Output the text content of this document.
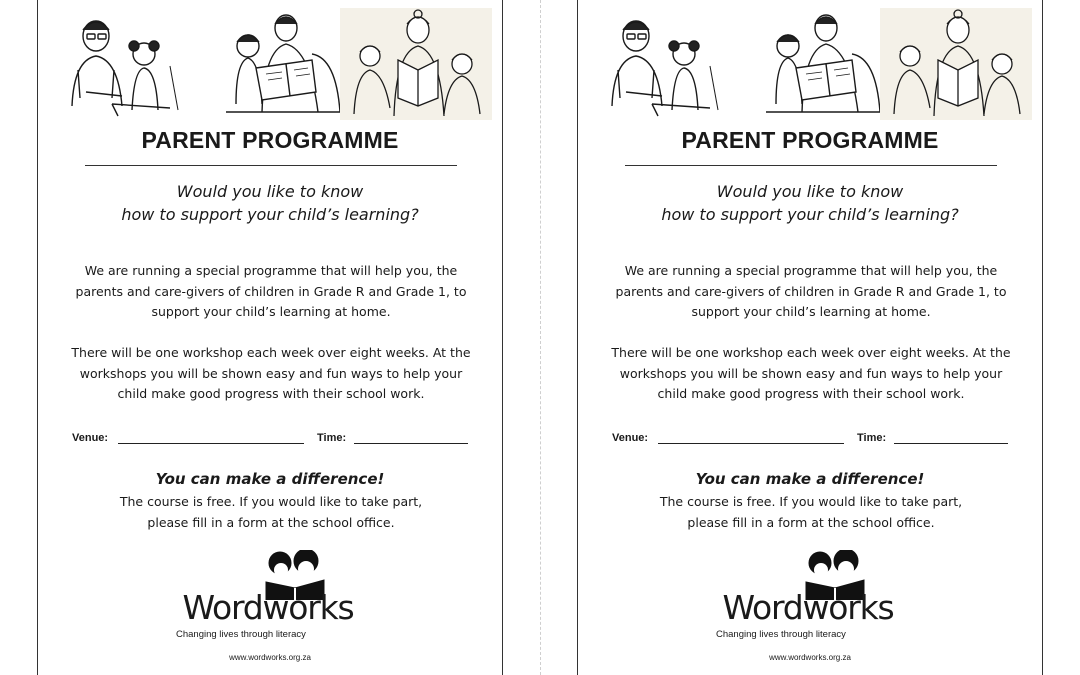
PARENT PROGRAMME
Would you like to know
how to support your child’s learning?
We are running a special programme that will help you, the
parents and care-givers of children in Grade R and Grade 1, to
support your child’s learning at home.
There will be one workshop each week over eight weeks. At the
workshops you will be shown easy and fun ways to help your
child make good progress with their school work.
Venue:	Time:
You can make a difference!
The course is free. If you would like to take part,
please fill in a form at the school office.
Wordworks
Changing lives through literacy
www.wordworks.org.za
PARENT PROGRAMME
Would you like to know
how to support your child’s learning?
We are running a special programme that will help you, the
parents and care-givers of children in Grade R and Grade 1, to
support your child’s learning at home.
There will be one workshop each week over eight weeks. At the
workshops you will be shown easy and fun ways to help your
child make good progress with their school work.
Venue:	Time:
You can make a difference!
The course is free. If you would like to take part,
please fill in a form at the school office.
Wordworks
Changing lives through literacy
www.wordworks.org.za
